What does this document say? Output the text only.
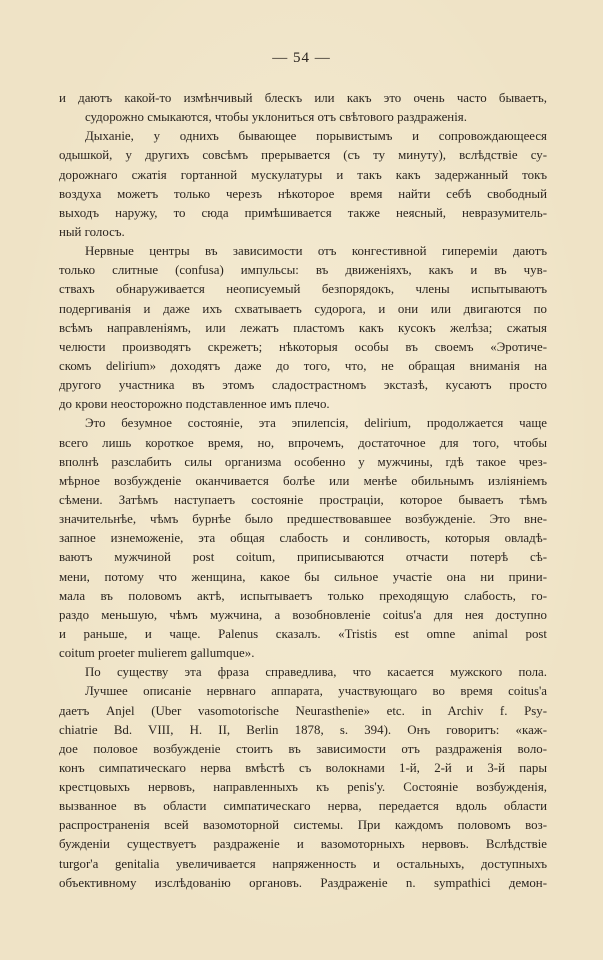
— 54 —
и даютъ какой-то измѣнчивый блескъ или какъ это очень часто бываетъ,
судорожно смыкаются, чтобы уклониться отъ свѣтового раздраженія.
Дыханіе, у однихъ бывающее порывистымъ и сопровождающееся
одышкой, у другихъ совсѣмъ прерывается (съ ту минуту), вслѣдствіе су-
дорожнаго сжатія гортанной мускулатуры и такъ какъ задержанный токъ
воздуха можетъ только черезъ нѣкоторое время найти себѣ свободный
выходъ наружу, то сюда примѣшивается также неясный, невразумитель-
ный голосъ.
Нервные центры въ зависимости отъ конгестивной гиперемiи даютъ
только слитные (confusa) импульсы: въ движеніяхъ, какъ и въ чув-
ствахъ обнаруживается неописуемый безпорядокъ, члены испытываютъ
подергиванія и даже ихъ схватываетъ судорога, и они или двигаются по
всѣмъ направленіямъ, или лежатъ пластомъ какъ кусокъ желѣза; сжатыя
челюсти производятъ скрежетъ; нѣкоторыя особы въ своемъ «Эротиче-
скомъ delirium» доходятъ даже до того, что, не обращая вниманія на
другого участника въ этомъ сладострастномъ экстазѣ, кусаютъ просто
до крови неосторожно подставленное имъ плечо.
Это безумное состояніе, эта эпилепсія, delirium, продолжается чаще
всего лишь короткое время, но, впрочемъ, достаточное для того, чтобы
вполнѣ разслабить силы организма особенно у мужчины, гдѣ такое чрез-
мѣрное возбужденіе оканчивается болѣе или менѣе обильнымъ изліяніемъ
сѣмени. Затѣмъ наступаетъ состояніе прострацiи, которое бываетъ тѣмъ
значительнѣе, чѣмъ бурнѣе было предшествовавшее возбужденіе. Это вне-
запное изнеможеніе, эта общая слабость и сонливость, которыя овладѣ-
ваютъ мужчиной post coitum, приписываются отчасти потерѣ сѣ-
мени, потому что женщина, какое бы сильное участіе она ни прини-
мала въ половомъ актѣ, испытываетъ только преходящую слабость, го-
раздо меньшую, чѣмъ мужчина, а возобновленіе coitus'а для нея доступно
и раньше, и чаще. Palenus сказалъ. «Tristis est omne animal post
coitum proeter mulierem gallumque».
По существу эта фраза справедлива, что касается мужского пола.
Лучшее описаніе нервнаго аппарата, участвующаго во время coitus'а
даетъ Anjel (Uber vasomotorische Neurasthenie» etc. in Archiv f. Psy-
chiatrie Bd. VIII, H. II, Berlin 1878, s. 394). Онъ говоритъ: «каж-
дое половое возбужденіе стоитъ въ зависимости отъ раздраженія воло-
конъ симпатическаго нерва вмѣстѣ съ волокнами 1-й, 2-й и 3-й пары
крестцовыхъ нервовъ, направленныхъ къ penis'у. Состояніе возбужденія,
вызванное въ области симпатическаго нерва, передается вдоль области
распространенія всей вазомоторной системы. При каждомъ половомъ воз-
бужденіи существуетъ раздраженіе и вазомоторныхъ нервовъ. Вслѣдствіе
turgor'а genitalia увеличивается напряженность и остальныхъ, доступныхъ
объективному изслѣдованію органовъ. Раздраженіе n. sympathici демон-
